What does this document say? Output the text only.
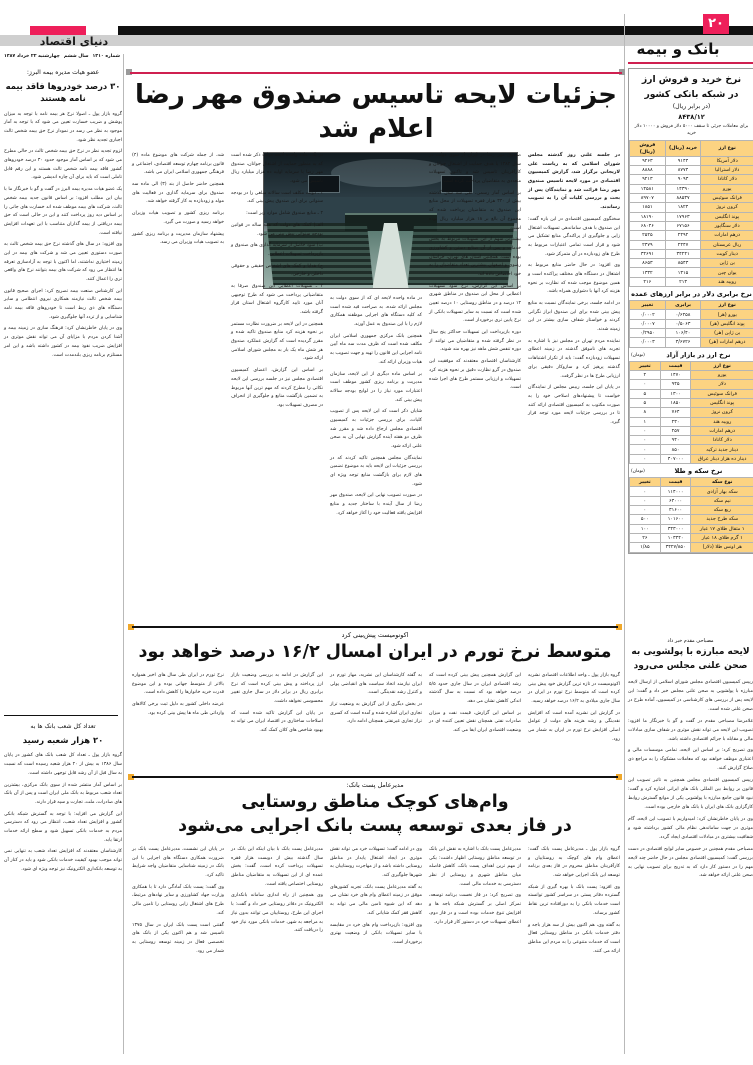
دنیای اقتصاد
۲۰
بانک و بیمه
شماره ۱۳۱۰
سال ششم
چهارشنبه ۲۲ خرداد ۱۳۸۷
عضو هیات مدیره بیمه البرز:
۳۰ درصد خودروها فاقد بیمه نامه هستند

گروه بازار پول ـ اصولا نرخ هر بیمه نامه با توجه به میزان پوشش و ضریب خسارت تعیین می شود که با توجه به آمار موجود به نظر می رسد در نمودار نرخ حق بیمه شخص ثالث اجباری تجدید نظر شود.

لزوم تجدید نظر در نرخ حق بیمه شخص ثالث در حالی مطرح می شود که بر اساس آمار موجود حدود ۳۰ درصد خودروهای کشور فاقد بیمه نامه شخص ثالث هستند و این رقم قابل تاملی است که باید برای آن چاره اندیشی شود.

یک عضو هیات مدیره بیمه البرز در گفت و گو با خبرنگار ما با بیان این مطلب افزود: بر اساس قانون جدید بیمه شخص ثالث، شرکت های بیمه موظف شده اند خسارت های جانی را بر اساس دیه روز پرداخت کنند و این در حالی است که حق بیمه دریافتی از بیمه گذاران متناسب با این تعهدات افزایش نیافته است.

وی افزود: در سال های گذشته نرخ حق بیمه شخص ثالث به صورت دستوری تعیین می شد و شرکت های بیمه در این زمینه اختیاری نداشتند، اما اکنون با توجه به آزادسازی تعرفه ها انتظار می رود که شرکت های بیمه بتوانند نرخ های واقعی تری را اعمال کنند.

این کارشناس صنعت بیمه تصریح کرد: اجرای صحیح قانون بیمه شخص ثالث نیازمند همکاری نیروی انتظامی و سایر دستگاه های ذی ربط است تا خودروهای فاقد بیمه نامه شناسایی و از تردد آنها جلوگیری شود.

وی در پایان خاطرنشان کرد: فرهنگ سازی در زمینه بیمه و آشنا کردن مردم با مزایای آن می تواند نقش موثری در افزایش ضریب نفوذ بیمه در کشور داشته باشد و این امر مستلزم برنامه ریزی بلندمدت است.

تعداد کل شعب بانک ها به
۲۰ هزار شعبه رسید

گروه بازار پول ـ تعداد کل شعب بانک های کشور در پایان سال ۱۳۸۶ به بیش از ۲۰ هزار شعبه رسیده است که نسبت به سال قبل از آن رشد قابل توجهی داشته است.

بر اساس آمار منتشر شده از سوی بانک مرکزی، بیشترین تعداد شعب مربوط به بانک ملی ایران است و پس از آن بانک های صادرات، ملت، تجارت و سپه قرار دارند.

این گزارش می افزاید: با توجه به گسترش شبکه بانکی کشور و افزایش تعداد شعب، انتظار می رود که دسترسی مردم به خدمات بانکی تسهیل شود و سطح ارائه خدمات ارتقا یابد.

کارشناسان معتقدند که افزایش تعداد شعب به تنهایی نمی تواند موجب بهبود کیفیت خدمات بانکی شود و باید در کنار آن به توسعه بانکداری الکترونیک نیز توجه ویژه ای شود.

جزئیات لایحه تاسیس صندوق مهر رضا اعلام شد

در جلسه علنی روز گذشته مجلس شورای اسلامی که به ریاست علی لاریجانی برگزار شد، گزارش کمیسیون اقتصادی در مورد لایحه تاسیس صندوق مهر رضا قرائت شد و نمایندگان پس از بحث و بررسی کلیات آن را به تصویب رساندند.

سخنگوی کمیسیون اقتصادی در این باره گفت: این صندوق با هدف ساماندهی تسهیلات اشتغال زایی و جلوگیری از پراکندگی منابع تشکیل می شود و قرار است تمامی اعتبارات مربوط به طرح های زودبازده در آن متمرکز شود.

وی افزود: در حال حاضر منابع مربوط به اشتغال در دستگاه های مختلف پراکنده است و همین موضوع موجب شده که نظارت بر نحوه هزینه کرد آنها با دشواری همراه باشد.

در ادامه جلسه، برخی نمایندگان نسبت به منابع پیش بینی شده برای این صندوق ابراز نگرانی کردند و خواستار شفاف سازی بیشتر در این زمینه شدند.

نماینده مردم تهران در مجلس نیز با اشاره به تجربه های ناموفق گذشته در زمینه اعطای تسهیلات زودبازده گفت: باید از تکرار اشتباهات گذشته پرهیز کرد و سازوکار دقیقی برای ارزیابی طرح ها در نظر گرفت.

در پایان این جلسه، رییس مجلس از نمایندگان خواست تا پیشنهادهای اصلاحی خود را به صورت مکتوب به کمیسیون اقتصادی ارائه کنند تا در بررسی جزئیات لایحه مورد توجه قرار گیرد.

صندوق مهر رضا در ایران از سوی دولت در سال ۱۳۸۴ با هدف حمایت از اشتغال جوانان و کارآفرینان تاسیس شد و تاکنون تسهیلات متعددی به متقاضیان پرداخت کرده است.

بر اساس آمار رسمی، طی سه سال گذشته بیش از ۳۴۰ هزار فقره تسهیلات از محل منابع این صندوق به متقاضیان پرداخت شده که مجموع آن بالغ بر ۱۸ هزار میلیارد ریال بوده است.

بیشترین سهم از این تسهیلات مربوط به بخش خدمات و پس از آن صنایع دستی و کشاورزی بوده است. همچنین استان های تهران، خراسان رضوی و اصفهان بیشترین تعداد متقاضیان را به خود اختصاص داده اند.

بر اساس این گزارش، نرخ سود تسهیلات اعطایی از محل این صندوق در مناطق شهری ۱۲ درصد و در مناطق روستایی ۱۰ درصد تعیین شده است که نسبت به سایر تسهیلات بانکی از نرخ پایین تری برخوردار است.

دوره بازپرداخت این تسهیلات حداکثر پنج سال در نظر گرفته شده و متقاضیان می توانند از دوره تنفس شش ماهه نیز بهره مند شوند.

کارشناسان اقتصادی معتقدند که موفقیت این صندوق در گرو نظارت دقیق بر نحوه هزینه کرد تسهیلات و ارزیابی مستمر طرح های اجرا شده است.

در ماده واحده لایحه ای که از سوی دولت به مجلس ارائه شده، به صراحت قید شده است که کلیه دستگاه های اجرایی موظفند همکاری لازم را با این صندوق به عمل آورند.

همچنین بانک مرکزی جمهوری اسلامی ایران مکلف شده است که ظرف مدت سه ماه آیین نامه اجرایی این قانون را تهیه و جهت تصویب به هیات وزیران ارائه کند.

بر اساس ماده دیگری از این لایحه، سازمان مدیریت و برنامه ریزی کشور موظف است اعتبارات مورد نیاز را در لوایح بودجه سالانه پیش بینی کند.

شایان ذکر است که این لایحه پس از تصویب کلیات، برای بررسی جزئیات به کمیسیون اقتصادی مجلس ارجاع داده شد و مقرر شد ظرف دو هفته آینده گزارش نهایی آن به صحن علنی ارائه شود.

نمایندگان مجلس همچنین تاکید کردند که در بررسی جزئیات این لایحه باید به موضوع تضمین های لازم برای بازگشت منابع توجه ویژه ای شود.

در صورت تصویب نهایی این لایحه، صندوق مهر رضا از سال آینده با ساختار جدید و منابع افزایش یافته فعالیت خود را آغاز خواهد کرد.

در یک، ماده واحده لایحه دولت ذکر شده است که به منظور حمایت از اشتغال جوانان، صندوق مهر رضا با سرمایه اولیه ده هزار میلیارد ریال تاسیس می شود.

۱ ـ دولت مکلف است سالانه مبلغی را در بودجه سنواتی برای این صندوق پیش بینی کند.

۲ ـ منابع صندوق شامل موارد زیر است:

الف) کمک های دولت که همه ساله در قوانین بودجه سنواتی پیش بینی می شود.

ب) سود حاصل از سرمایه گذاری های صندوق و بازپرداخت تسهیلات اعطایی.

ج) هدایا و کمک های اشخاص حقیقی و حقوقی داخلی و خارجی.

۳ ـ تسهیلات اعطایی این صندوق صرفا به متقاضیانی پرداخت می شود که طرح توجیهی آنان مورد تایید کارگروه اشتغال استان قرار گرفته باشد.

همچنین در این لایحه بر ضرورت نظارت مستمر بر نحوه هزینه کرد منابع صندوق تاکید شده و مقرر گردیده است که گزارش عملکرد صندوق هر شش ماه یک بار به مجلس شورای اسلامی ارائه شود.

بر اساس این گزارش، اعضای کمیسیون اقتصادی مجلس نیز در جلسه بررسی این لایحه نکاتی را مطرح کردند که مهم ترین آنها مربوط به تضمین بازگشت منابع و جلوگیری از انحراف در مصرف تسهیلات بود.

شد، از جمله شرکت های موضوع ماده (۴) قانون برنامه چهارم توسعه اقتصادی، اجتماعی و فرهنگی جمهوری اسلامی ایران می باشد.

همچنین حاضر حاصل از بند (۳) الی ماده سه صندوق برای سرمایه گذاری در فعالیت های مولد و زودبازده به کار گرفته خواهد شد.

برنامه ریزی کشور و تصویب هیات وزیران خواهد رسید و صورت می گیرد.

پیشنهاد سازمان مدیریت و برنامه ریزی کشور به تصویب هیات وزیران می رسد.

اکونومیست پیش‌بینی کرد
متوسط نرخ تورم در ایران امسال ۱۶/۲ درصد خواهد بود

گروه بازار پول ـ واحد اطلاعات اقتصادی نشریه اکونومیست در تازه ترین گزارش خود پیش بینی کرده است که متوسط نرخ تورم در ایران در سال جاری میلادی به ۱۶/۲ درصد خواهد رسید.

در گزارش این نشریه آمده است که افزایش نقدینگی و رشد هزینه های دولت از عوامل اصلی افزایش نرخ تورم در ایران به شمار می رود.

این گزارش همچنین پیش بینی کرده است که رشد اقتصادی ایران در سال جاری حدود ۵/۵ درصد خواهد بود که نسبت به سال گذشته اندکی کاهش نشان می دهد.

بر اساس این گزارش، قیمت نفت و میزان صادرات نفتی همچنان نقش تعیین کننده ای در وضعیت اقتصادی ایران ایفا می کند.

به گفته کارشناسان این نشریه، مهار تورم در ایران نیازمند اتخاذ سیاست های انقباضی پولی و کنترل رشد نقدینگی است.

در بخش دیگری از این گزارش به وضعیت تراز تجاری ایران اشاره شده و آمده است که کسری تراز تجاری غیرنفتی همچنان ادامه دارد.

این گزارش در ادامه به بررسی وضعیت بازار ارز پرداخته و پیش بینی کرده است که نرخ برابری ریال در برابر دلار در سال جاری تغییر محسوسی نخواهد داشت.

در پایان این گزارش تاکید شده است که اصلاحات ساختاری در اقتصاد ایران می تواند به بهبود شاخص های کلان کمک کند.

نرخ تورم در ایران طی سال های اخیر همواره بالاتر از متوسط جهانی بوده و این موضوع قدرت خرید خانوارها را کاهش داده است.

عرضه داخلی کشور به دلیل ثبت برخی کالاهای وارداتی طی ماه ها پیش بینی کرده بود.

مدیرعامل پست بانک:
وام‌های کوچک مناطق روستایی
در فاز بعدی توسعه پست بانک اجرایی می‌شود

گروه بازار پول ـ مدیرعامل پست بانک گفت: اعطای وام های کوچک به روستاییان و کارآفرینان مناطق محروم در فاز بعدی برنامه توسعه این بانک اجرایی خواهد شد.

وی افزود: پست بانک با بهره گیری از شبکه گسترده دفاتر پستی در سراسر کشور توانسته است خدمات بانکی را به دورافتاده ترین نقاط کشور برساند.

به گفته وی، هم اکنون بیش از سه هزار باجه و دفتر خدمات بانکی در مناطق روستایی فعال است که خدمات متنوعی را به مردم این مناطق ارائه می کنند.

مدیرعامل پست بانک با اشاره به نقش این بانک در توسعه مناطق روستایی اظهار داشت: یکی از مهم ترین اهداف پست بانک، کاهش فاصله میان مناطق شهری و روستایی از نظر دسترسی به خدمات مالی است.

وی تصریح کرد: در فاز نخست برنامه توسعه، تمرکز اصلی بر گسترش شبکه باجه ها و افزایش تنوع خدمات بوده است و در فاز دوم، اعطای تسهیلات خرد در دستور کار قرار دارد.

وی در ادامه گفت: تسهیلات خرد می تواند نقش موثری در ایجاد اشتغال پایدار در مناطق روستایی داشته باشد و از مهاجرت روستاییان به شهرها جلوگیری کند.

به گفته مدیرعامل پست بانک، تجربه کشورهای موفق در زمینه اعطای وام های خرد نشان می دهد که این شیوه تامین مالی می تواند به کاهش فقر کمک شایانی کند.

وی افزود: بازپرداخت وام های خرد در مقایسه با سایر تسهیلات بانکی از وضعیت بهتری برخوردار است.

مدیرعامل پست بانک با بیان اینکه این بانک در سال گذشته بیش از دویست هزار فقره تسهیلات پرداخت کرده است، گفت: بخش عمده ای از این تسهیلات به متقاضیان مناطق روستایی اختصاص یافته است.

وی همچنین از راه اندازی سامانه بانکداری الکترونیک در دفاتر روستایی خبر داد و گفت: با اجرای این طرح، روستاییان می توانند بدون نیاز به مراجعه به شهر، خدمات بانکی مورد نیاز خود را دریافت کنند.

در پایان این نشست، مدیرعامل پست بانک بر ضرورت همکاری دستگاه های اجرایی با این بانک در زمینه شناسایی متقاضیان واجد شرایط تاکید کرد.

وی گفت: پست بانک آمادگی دارد تا با همکاری وزارت جهاد کشاورزی و سایر نهادهای مرتبط، طرح های اشتغال زایی روستایی را تامین مالی کند.

گفتنی است پست بانک ایران در سال ۱۳۷۵ تاسیس شد و هم اکنون یکی از بانک های تخصصی فعال در زمینه توسعه روستایی به شمار می رود.

نرخ خرید و فروش ارز
در شبکه بانکی کشور
(در برابر ریال)
۸۴۳۸/۱۲
برای معاملات جزئی تا سقف ۵۰۰۰ دلار فروش و ۱۰۰۰۰ دلار خرید
نوع ارز	خرید (ریال)	فروش (ریال)
دلار آمریکا	۹۱۴۴	۹۲۶۳
دلار استرالیا	۸۷۷۴	۸۸۸۸
دلار کانادا	۹۰۹۳	۹۲۱۳
یورو	۱۴۳۹۰	۱۴۵۸۱
فرانک سوئیس	۸۸۵۳۷	۸۹۷۰۷
کرون نروژ	۱۸۲۴	۱۸۵۱
پوند انگلیس	۱۷۹۶۳	۱۸۱۹۰
دلار سنگاپور	۶۷۱۵۶	۶۸۰۴۶
درهم امارات	۲۴۹۲	۲۵۲۵
ریال عربستان	۲۴۴۷	۲۴۷۹
دینار کویت	۳۴۲۴۱	۳۴۶۹۱
ین ژاپن	۸۵۴۳	۸۶۵۳
یوان چین	۱۳۱۵	۱۳۳۲
روپیه هند	۲۱۳	۲۱۶
نرخ برابری دلار در برابر ارزهای عمده
نوع ارز	برابری	تغییر
یورو (هر)	۰/۶۴۵۸	۰/۰۰۰۲
پوند انگلیس (هر)	۰/۵۰۶۳	۰/۰۰۰۷
ین ژاپن (هر)	۱۰۶/۴۰	۰/۲۹۵۰
درهم امارات (هر)	۳/۶۷۲۶	۰/۰۰۰۳
(تومان)	نرخ ارز در بازار آزاد
نوع ارز	قیمت	تغییر
یورو	۱۴۷۰	۲
دلار	۹۴۵	۰
فرانک سوئیس	۱۳۰۰	۵
پوند انگلیس	۱۸۵۰	۵
کرون نروژ	۷۶۴	۸
روپیه هند	۲۳۰	۱
درهم امارات	۲۵۷	۰
دلار کانادا	۹۴۰	۰
دینار جدید ترکیه	۸۵۰	۰
دینار ده هزار دینار عراق	۴۰۷۰۰۰	۰
(تومان)	نرخ سکه و طلا
نوع سکه	قیمت	تغییر
سکه بهار آزادی	۱۱۴۰۰۰	۰
نیم سکه	۶۴۰۰۰	۰
ربع سکه	۳۱۶۰۰	۰
سکه طرح جدید	۱۰۱۶۰۰	۵۰۰
۱ مثقال طلای ۱۷ عیار	۳۴۳۰۰۰	۱۰۰
۱ گرم طلای ۱۸ عیار	۱۰۳۴۴۰	۲۶
هر اونس طلا (دلار)	۳۴۲۷/۸۵۰	۱/۸۵
مصباحی مقدم خبر داد
لایحه مبارزه با پولشویی به صحن علنی مجلس می‌رود

رییس کمیسیون اقتصادی مجلس شورای اسلامی از ارسال لایحه مبارزه با پولشویی به صحن علنی مجلس خبر داد و گفت: این لایحه پس از بررسی های کارشناسی در کمیسیون، آماده طرح در صحن علنی شده است.

غلامرضا مصباحی مقدم در گفت و گو با خبرنگار ما افزود: تصویب این لایحه می تواند نقش موثری در شفاف سازی مبادلات مالی و مقابله با جرائم اقتصادی داشته باشد.

وی تصریح کرد: بر اساس این لایحه، تمامی موسسات مالی و اعتباری موظف خواهند بود که معاملات مشکوک را به مراجع ذی صلاح گزارش کنند.

رییس کمیسیون اقتصادی مجلس همچنین به تاثیر تصویب این قانون بر روابط بین المللی بانک های ایرانی اشاره کرد و گفت: نبود قانون جامع مبارزه با پولشویی یکی از موانع گسترش روابط کارگزاری بانک های ایران با بانک های خارجی بوده است.

وی در پایان خاطرنشان کرد: امیدواریم با تصویب این لایحه، گام موثری در جهت ساماندهی نظام مالی کشور برداشته شود و شفافیت بیشتری در مبادلات اقتصادی ایجاد گردد.

مصباحی مقدم همچنین در خصوص سایر لوایح اقتصادی در دست بررسی گفت: کمیسیون اقتصادی مجلس در حال حاضر چند لایحه مهم را در دستور کار دارد که به تدریج برای تصویب نهایی به صحن علنی ارائه خواهد شد.
